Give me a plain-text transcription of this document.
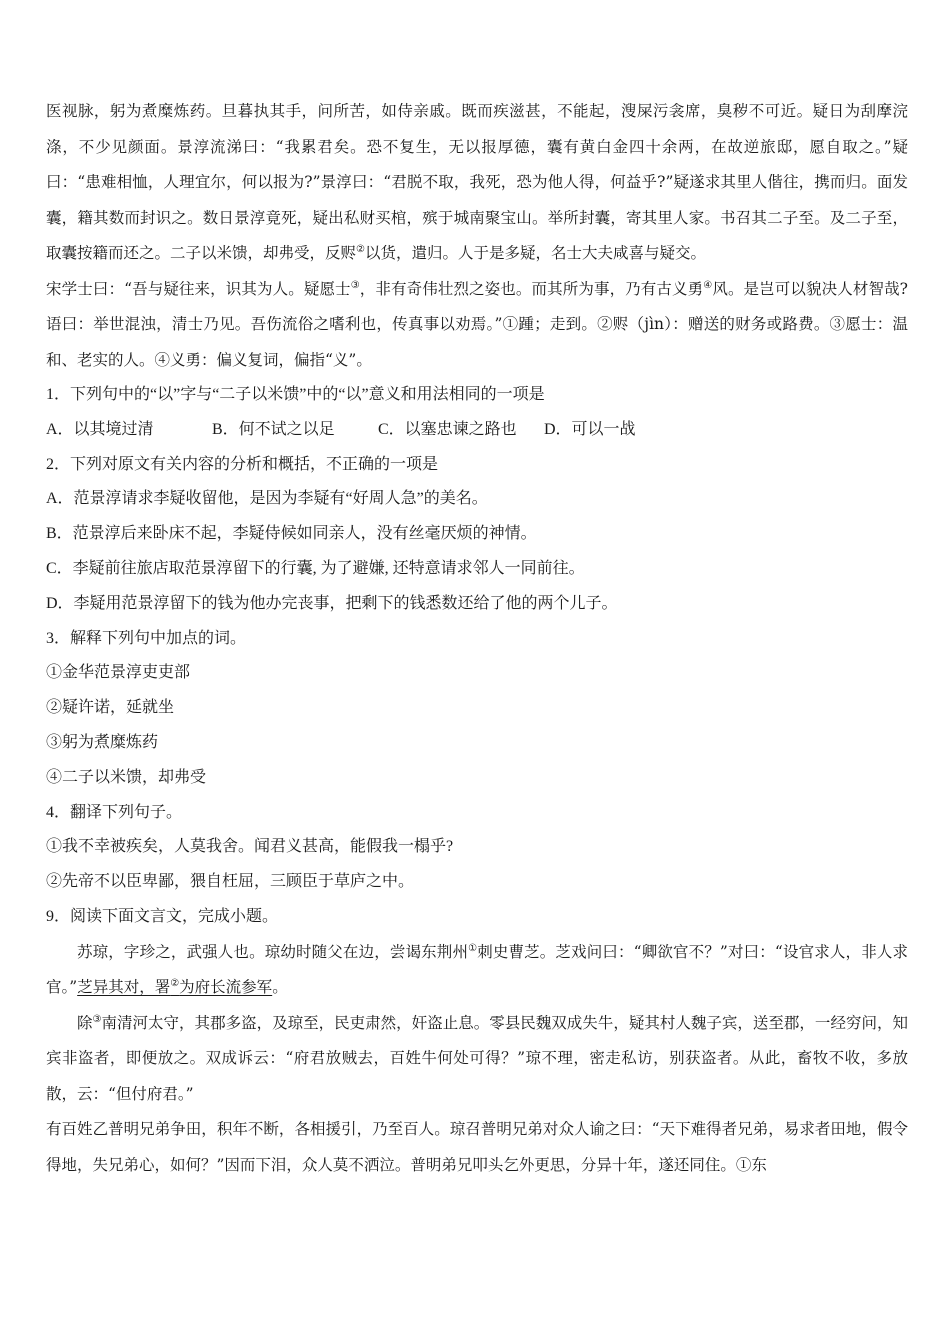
医视脉，躬为煮糜炼药。旦暮执其手，问所苦，如侍亲戚。既而疾滋甚，不能起，溲屎污衾席，臭秽不可近。疑日为刮摩浣涤，不少见颜面。景淳流涕曰：“我累君矣。恐不复生，无以报厚德，囊有黄白金四十余两，在故逆旅邸，愿自取之。”疑曰：“患难相恤，人理宜尔，何以报为?”景淳曰：“君脱不取，我死，恐为他人得，何益乎?”疑遂求其里人偕往，携而归。面发囊，籍其数而封识之。数日景淳竟死，疑出私财买棺，殡于城南聚宝山。举所封囊，寄其里人家。书召其二子至。及二子至，取囊按籍而还之。二子以米馈，却弗受，反赆②以货，遣归。人于是多疑，名士大夫咸喜与疑交。
宋学士曰：“吾与疑往来，识其为人。疑愿士③，非有奇伟壮烈之姿也。而其所为事，乃有古义勇④风。是岂可以貌决人材智哉?语曰：举世混浊，清士乃见。吾伤流俗之嗜利也，传真事以劝焉。”①踵；走到。②赆（jìn）：赠送的财务或路费。③愿士：温和、老实的人。④义勇：偏义复词，偏指“义”。
1．下列句中的“以”字与“二子以米馈”中的“以”意义和用法相同的一项是
A．以其境过清	B．何不试之以足	C．以塞忠谏之路也	D．可以一战
2．下列对原文有关内容的分析和概括，不正确的一项是
A．范景淳请求李疑收留他，是因为李疑有“好周人急”的美名。
B．范景淳后来卧床不起，李疑侍候如同亲人，没有丝毫厌烦的神情。
C．李疑前往旅店取范景淳留下的行囊, 为了避嫌, 还特意请求邻人一同前往。
D．李疑用范景淳留下的钱为他办完丧事，把剩下的钱悉数还给了他的两个儿子。
3．解释下列句中加点的词。
①金华范景淳吏吏部
②疑许诺，延就坐
③躬为煮糜炼药
④二子以米馈，却弗受
4．翻译下列句子。
①我不幸被疾矣，人莫我舍。闻君义甚高，能假我一榻乎?
②先帝不以臣卑鄙，猥自枉屈，三顾臣于草庐之中。
9．阅读下面文言文，完成小题。
苏琼，字珍之，武强人也。琼幼时随父在边，尝谒东荆州①刺史曹芝。芝戏问曰：“卿欲官不？”对曰：“设官求人，非人求官。”芝异其对，署②为府长流参军。
除③南清河太守，其郡多盗，及琼至，民吏肃然，奸盗止息。零县民魏双成失牛，疑其村人魏子宾，送至郡，一经穷问，知宾非盗者，即便放之。双成诉云：“府君放贼去，百姓牛何处可得？”琼不理，密走私访，别获盗者。从此，畜牧不收，多放散，云：“但付府君。”
有百姓乙普明兄弟争田，积年不断，各相援引，乃至百人。琼召普明兄弟对众人谕之曰：“天下难得者兄弟，易求者田地，假令得地，失兄弟心，如何？”因而下泪，众人莫不洒泣。普明弟兄叩头乞外更思，分异十年，遂还同住。①东
